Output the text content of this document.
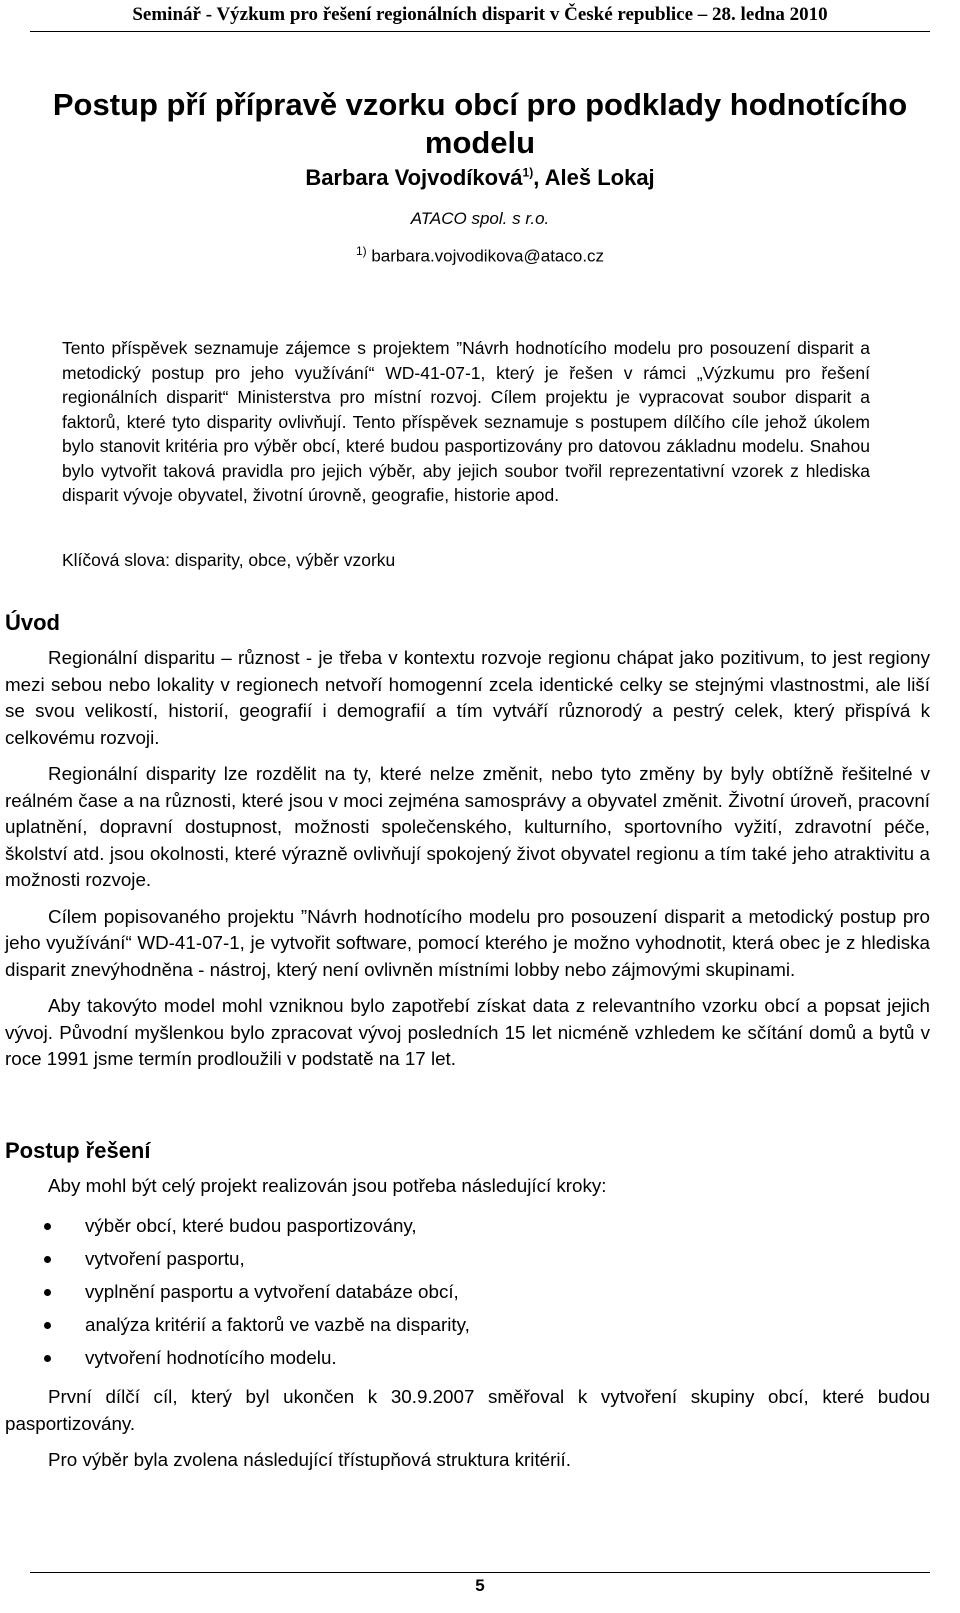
Seminář - Výzkum pro řešení regionálních disparit v České republice – 28. ledna 2010
Postup pří přípravě vzorku obcí pro podklady hodnotícího modelu
Barbara Vojvodíková$^{1)}$, Aleš Lokaj
ATACO spol. s r.o.
$^{1)}$ barbara.vojvodikova@ataco.cz

Tento příspěvek seznamuje zájemce s projektem ”Návrh hodnotícího modelu pro posouzení disparit a metodický postup pro jeho využívání“ WD-41-07-1, který je řešen v rámci „Výzkumu pro řešení regionálních disparit“ Ministerstva pro místní rozvoj. Cílem projektu je vypracovat soubor disparit a faktorů, které tyto disparity ovlivňují. Tento příspěvek seznamuje s postupem dílčího cíle jehož úkolem bylo stanovit kritéria pro výběr obcí, které budou pasportizovány pro datovou základnu modelu. Snahou bylo vytvořit taková pravidla pro jejich výběr, aby jejich soubor tvořil reprezentativní vzorek z hlediska disparit vývoje obyvatel, životní úrovně, geografie, historie apod.

Klíčová slova: disparity, obce, výběr vzorku
Úvod

Regionální disparitu – různost - je třeba v kontextu rozvoje regionu chápat jako pozitivum, to jest regiony mezi sebou nebo lokality v regionech netvoří homogenní zcela identické celky se stejnými vlastnostmi, ale liší se svou velikostí, historií, geografií i demografií a tím vytváří různorodý a pestrý celek, který přispívá k celkovému rozvoji.

Regionální disparity lze rozdělit na ty, které nelze změnit, nebo tyto změny by byly obtížně řešitelné v reálném čase a na různosti, které jsou v moci zejména samosprávy a obyvatel změnit. Životní úroveň, pracovní uplatnění, dopravní dostupnost, možnosti společenského, kulturního, sportovního vyžití, zdravotní péče, školství atd. jsou okolnosti, které výrazně ovlivňují spokojený život obyvatel regionu a tím také jeho atraktivitu a možnosti rozvoje.

Cílem popisovaného projektu ”Návrh hodnotícího modelu pro posouzení disparit a metodický postup pro jeho využívání“ WD-41-07-1, je vytvořit software, pomocí kterého je možno vyhodnotit, která obec je z hlediska disparit znevýhodněna - nástroj, který není ovlivněn místními lobby nebo zájmovými skupinami.

Aby takovýto model mohl vzniknou bylo zapotřebí získat data z relevantního vzorku obcí a popsat jejich vývoj. Původní myšlenkou bylo zpracovat vývoj posledních 15 let nicméně vzhledem ke sčítání domů a bytů v roce 1991 jsme termín prodloužili v podstatě na 17 let.

Postup řešení

Aby mohl být celý projekt realizován jsou potřeba následující kroky:

výběr obcí, které budou pasportizovány,
vytvoření pasportu,
vyplnění pasportu a vytvoření databáze obcí,
analýza kritérií a faktorů ve vazbě na disparity,
vytvoření hodnotícího modelu.

První dílčí cíl, který byl ukončen k 30.9.2007 směřoval k vytvoření skupiny obcí, které budou pasportizovány.

Pro výběr byla zvolena následující třístupňová struktura kritérií.

5
